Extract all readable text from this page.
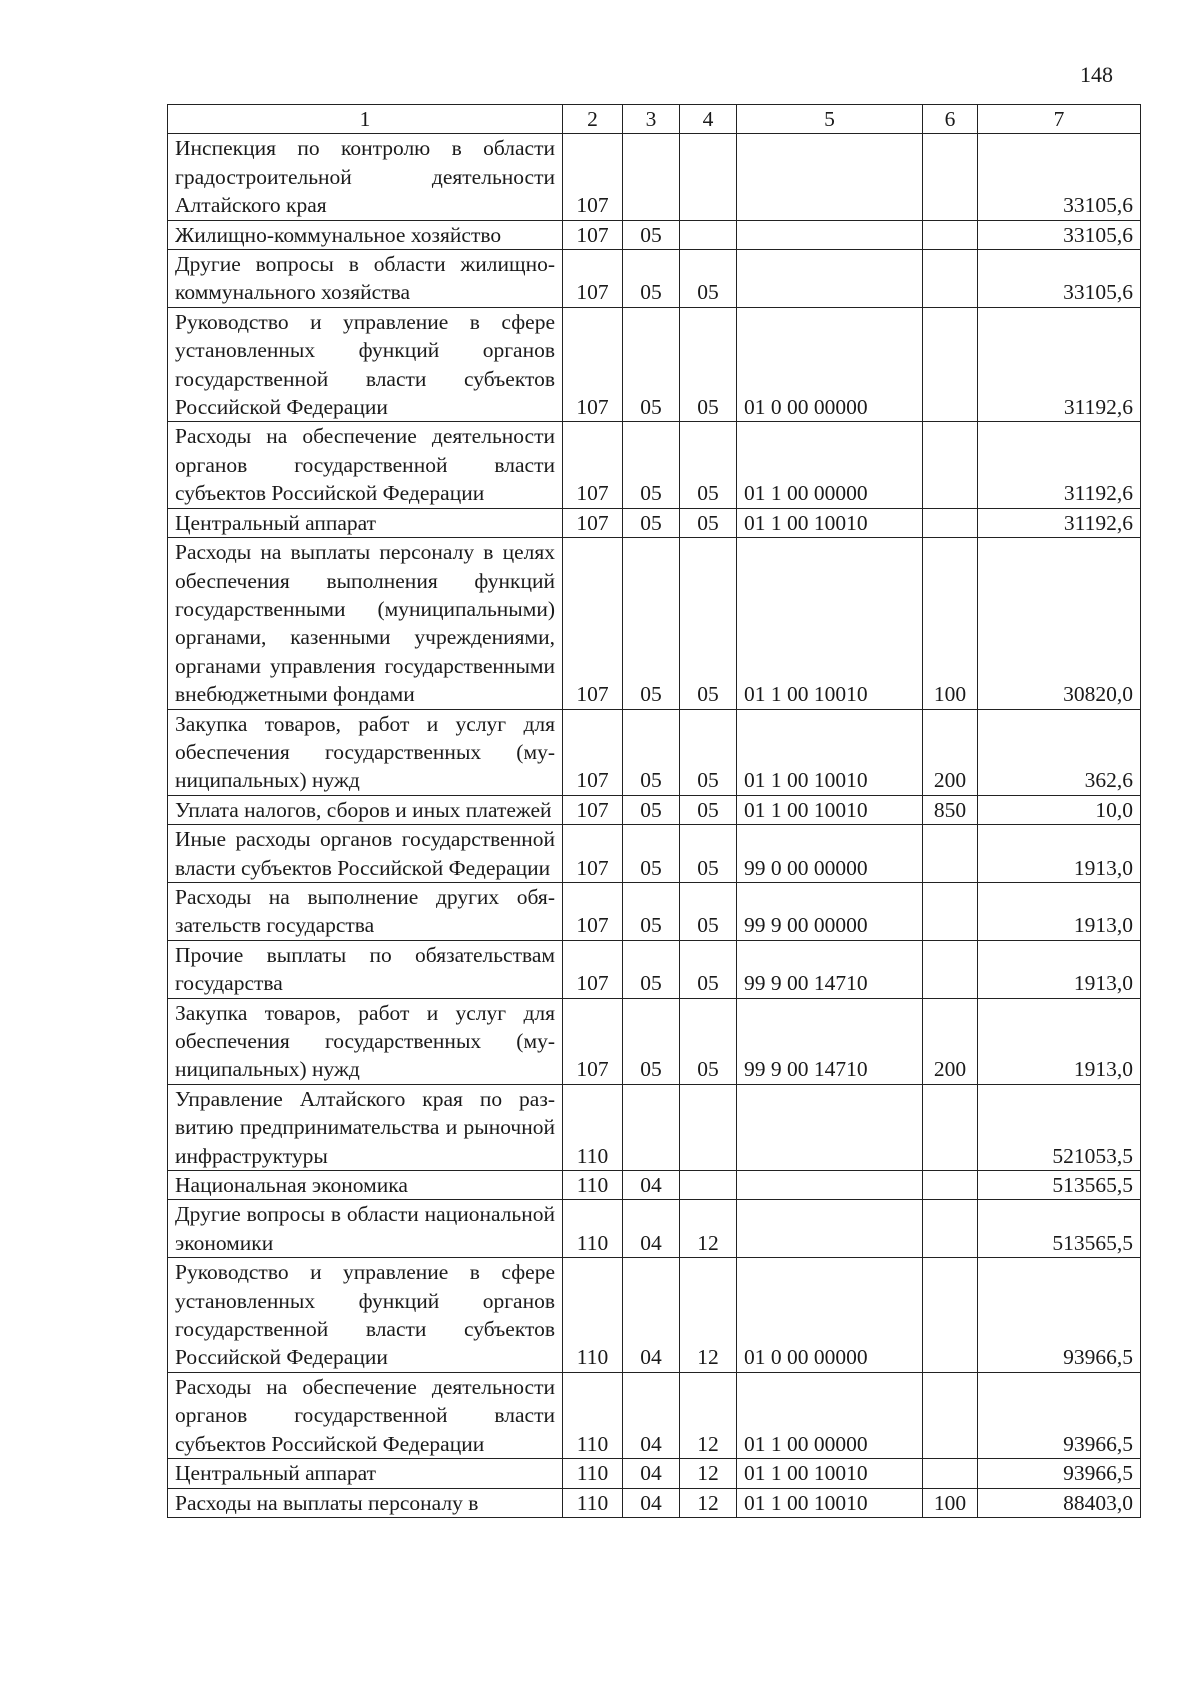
148
1	2	3	4	5	6	7
Инспекция по контролю в области градостроительной деятельности Алтайского края	107					33105,6
Жилищно-коммунальное хозяйство	107	05				33105,6
Другие вопросы в области жилищно-коммунального хозяйства	107	05	05			33105,6
Руководство и управление в сфере установленных функций органов государственной власти субъектов Российской Федерации	107	05	05	01 0 00 00000		31192,6
Расходы на обеспечение деятельности органов государственной власти субъектов Российской Федерации	107	05	05	01 1 00 00000		31192,6
Центральный аппарат	107	05	05	01 1 00 10010		31192,6
Расходы на выплаты персоналу в целях обеспечения выполнения функций государственными (муниципальными) органами, казенными учреждениями, органами управления государственными внебюджетными фондами	107	05	05	01 1 00 10010	100	30820,0
Закупка товаров, работ и услуг для обеспечения государственных (муниципальных) нужд	107	05	05	01 1 00 10010	200	362,6
Уплата налогов, сборов и иных платежей	107	05	05	01 1 00 10010	850	10,0
Иные расходы органов государственной власти субъектов Российской Федерации	107	05	05	99 0 00 00000		1913,0
Расходы на выполнение других обязательств государства	107	05	05	99 9 00 00000		1913,0
Прочие выплаты по обязательствам государства	107	05	05	99 9 00 14710		1913,0
Закупка товаров, работ и услуг для обеспечения государственных (муниципальных) нужд	107	05	05	99 9 00 14710	200	1913,0
Управление Алтайского края по развитию предпринимательства и рыночной инфраструктуры	110					521053,5
Национальная экономика	110	04				513565,5
Другие вопросы в области национальной экономики	110	04	12			513565,5
Руководство и управление в сфере установленных функций органов государственной власти субъектов Российской Федерации	110	04	12	01 0 00 00000		93966,5
Расходы на обеспечение деятельности органов государственной власти субъектов Российской Федерации	110	04	12	01 1 00 00000		93966,5
Центральный аппарат	110	04	12	01 1 00 10010		93966,5
Расходы на выплаты персоналу в	110	04	12	01 1 00 10010	100	88403,0
